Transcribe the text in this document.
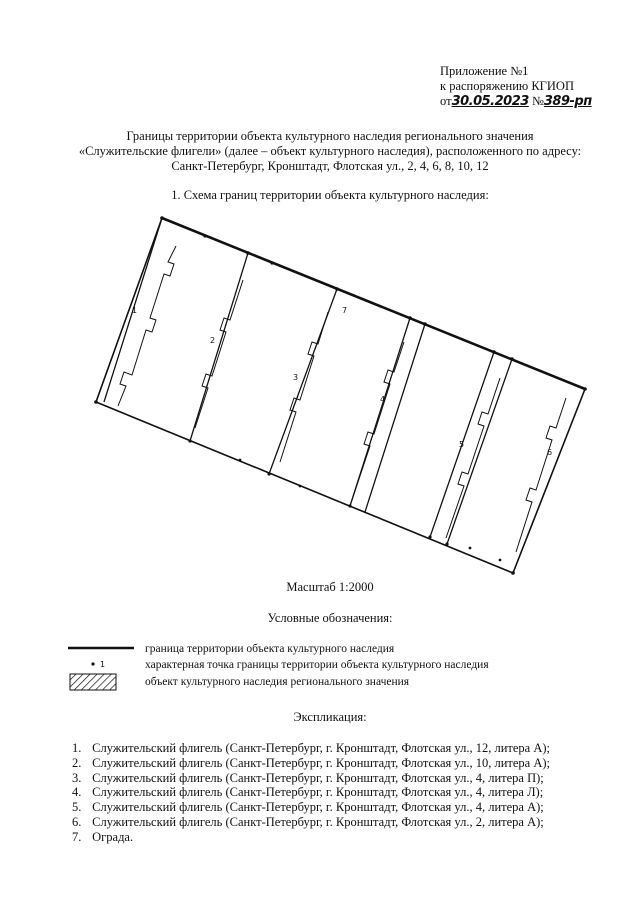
Приложение №1
к распоряжению КГИОП
от30.05.2023 №389-рп
Границы территории объекта культурного наследия регионального значения
«Служительские флигели» (далее – объект культурного наследия), расположенного по адресу:
Санкт-Петербург, Кронштадт, Флотская ул., 2, 4, 6, 8, 10, 12
1. Схема границ территории объекта культурного наследия:
1
2
3
4
5
6
7
Масштаб 1:2000
Условные обозначения:
1
граница территории объекта культурного наследия
характерная точка границы территории объекта культурного наследия
объект культурного наследия регионального значения
Экспликация:
1. Служительский флигель (Санкт-Петербург, г. Кронштадт, Флотская ул., 12, литера А);
2. Служительский флигель (Санкт-Петербург, г. Кронштадт, Флотская ул., 10, литера А);
3. Служительский флигель (Санкт-Петербург, г. Кронштадт, Флотская ул., 4, литера П);
4. Служительский флигель (Санкт-Петербург, г. Кронштадт, Флотская ул., 4, литера Л);
5. Служительский флигель (Санкт-Петербург, г. Кронштадт, Флотская ул., 4, литера А);
6. Служительский флигель (Санкт-Петербург, г. Кронштадт, Флотская ул., 2, литера А);
7. Ограда.
